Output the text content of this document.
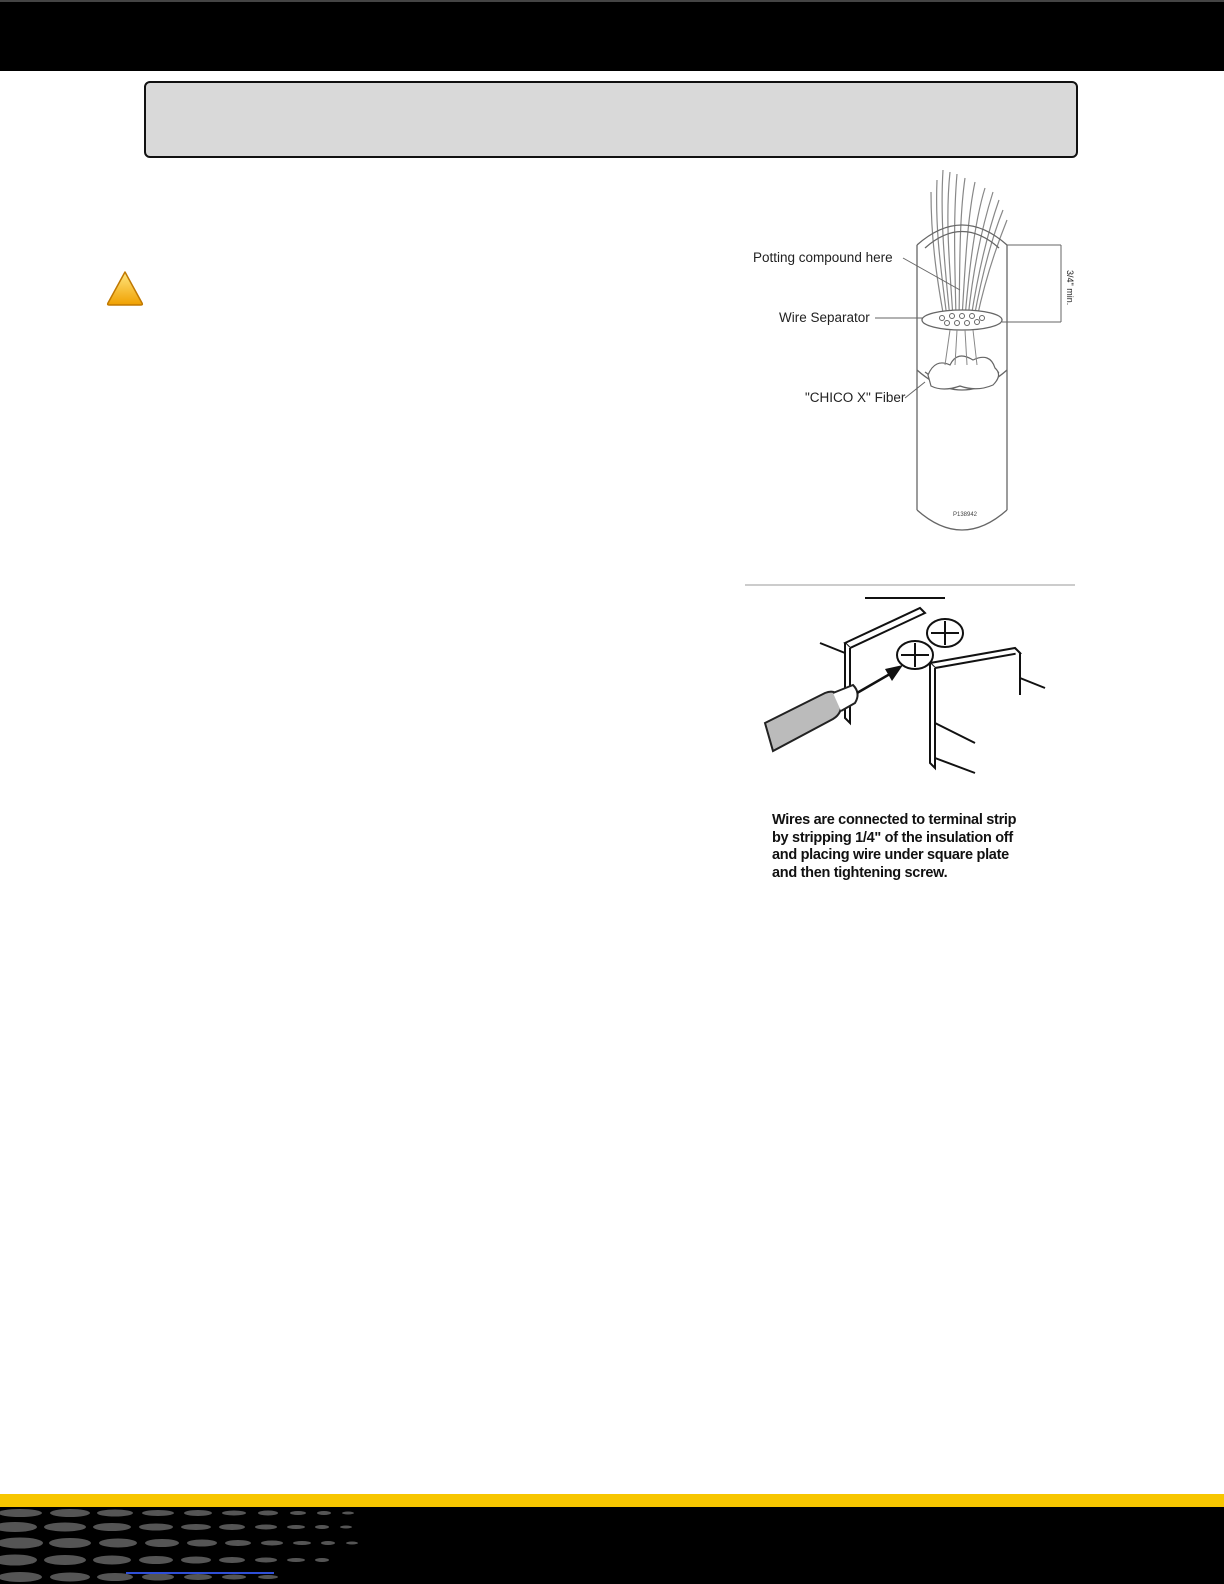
3/4" min.
Potting compound here
Wire Separator
"CHICO X" Fiber
P138942
Wires are connected to terminal strip
by stripping 1/4" of the insulation off
and placing wire under square plate
and then tightening screw.
